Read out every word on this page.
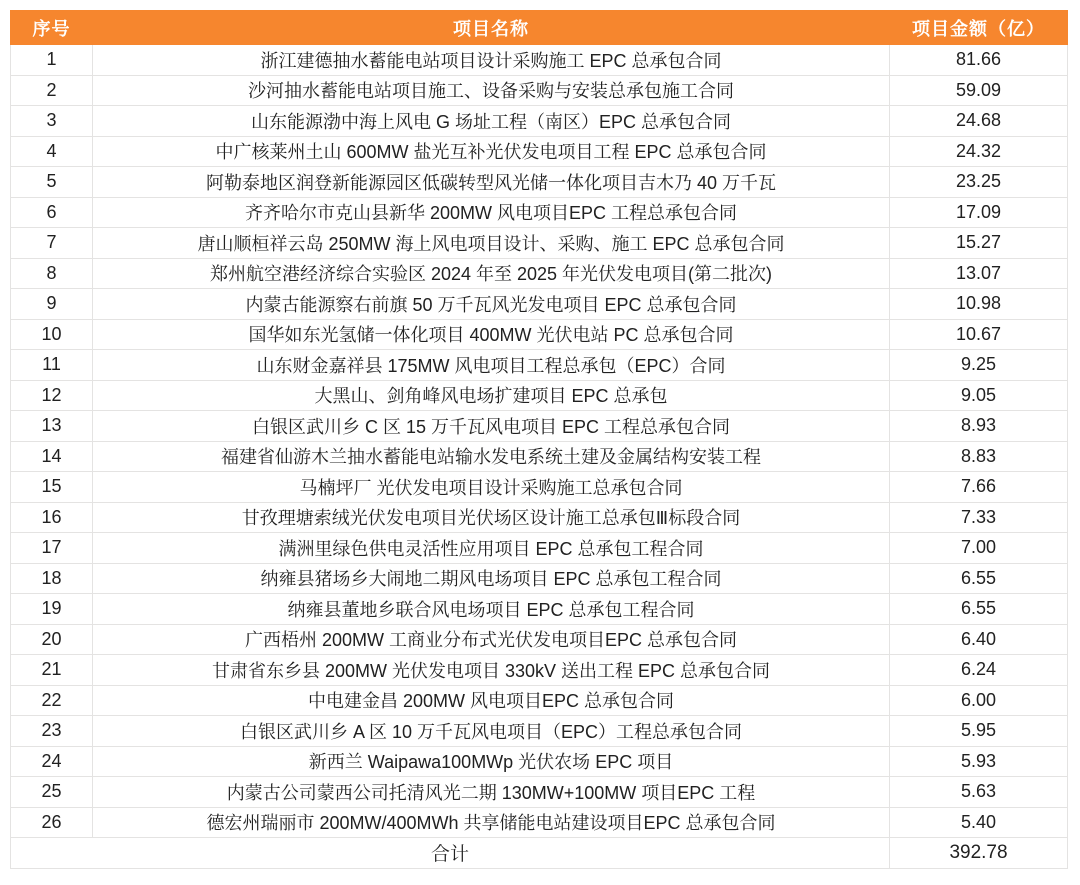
序号	项目名称	项目金额（亿）
1	浙江建德抽水蓄能电站项目设计采购施工 EPC 总承包合同	81.66
2	沙河抽水蓄能电站项目施工、设备采购与安装总承包施工合同	59.09
3	山东能源渤中海上风电 G 场址工程（南区）EPC 总承包合同	24.68
4	中广核莱州土山 600MW 盐光互补光伏发电项目工程 EPC 总承包合同	24.32
5	阿勒泰地区润登新能源园区低碳转型风光储一体化项目吉木乃 40 万千瓦	23.25
6	齐齐哈尔市克山县新华 200MW 风电项目EPC 工程总承包合同	17.09
7	唐山顺桓祥云岛 250MW 海上风电项目设计、采购、施工 EPC 总承包合同	15.27
8	郑州航空港经济综合实验区 2024 年至 2025 年光伏发电项目(第二批次)	13.07
9	内蒙古能源察右前旗 50 万千瓦风光发电项目 EPC 总承包合同	10.98
10	国华如东光氢储一体化项目 400MW 光伏电站 PC 总承包合同	10.67
11	山东财金嘉祥县 175MW 风电项目工程总承包（EPC）合同	9.25
12	大黑山、剑角峰风电场扩建项目 EPC 总承包	9.05
13	白银区武川乡 C 区 15 万千瓦风电项目 EPC 工程总承包合同	8.93
14	福建省仙游木兰抽水蓄能电站输水发电系统土建及金属结构安装工程	8.83
15	马楠坪厂 光伏发电项目设计采购施工总承包合同	7.66
16	甘孜理塘索绒光伏发电项目光伏场区设计施工总承包Ⅲ标段合同	7.33
17	满洲里绿色供电灵活性应用项目 EPC 总承包工程合同	7.00
18	纳雍县猪场乡大闹地二期风电场项目 EPC 总承包工程合同	6.55
19	纳雍县董地乡联合风电场项目 EPC 总承包工程合同	6.55
20	广西梧州 200MW 工商业分布式光伏发电项目EPC 总承包合同	6.40
21	甘肃省东乡县 200MW 光伏发电项目 330kV 送出工程 EPC 总承包合同	6.24
22	中电建金昌 200MW 风电项目EPC 总承包合同	6.00
23	白银区武川乡 A 区 10 万千瓦风电项目（EPC）工程总承包合同	5.95
24	新西兰 Waipawa100MWp 光伏农场 EPC 项目	5.93
25	内蒙古公司蒙西公司托清风光二期 130MW+100MW 项目EPC 工程	5.63
26	德宏州瑞丽市 200MW/400MWh 共享储能电站建设项目EPC 总承包合同	5.40
合计		392.78
